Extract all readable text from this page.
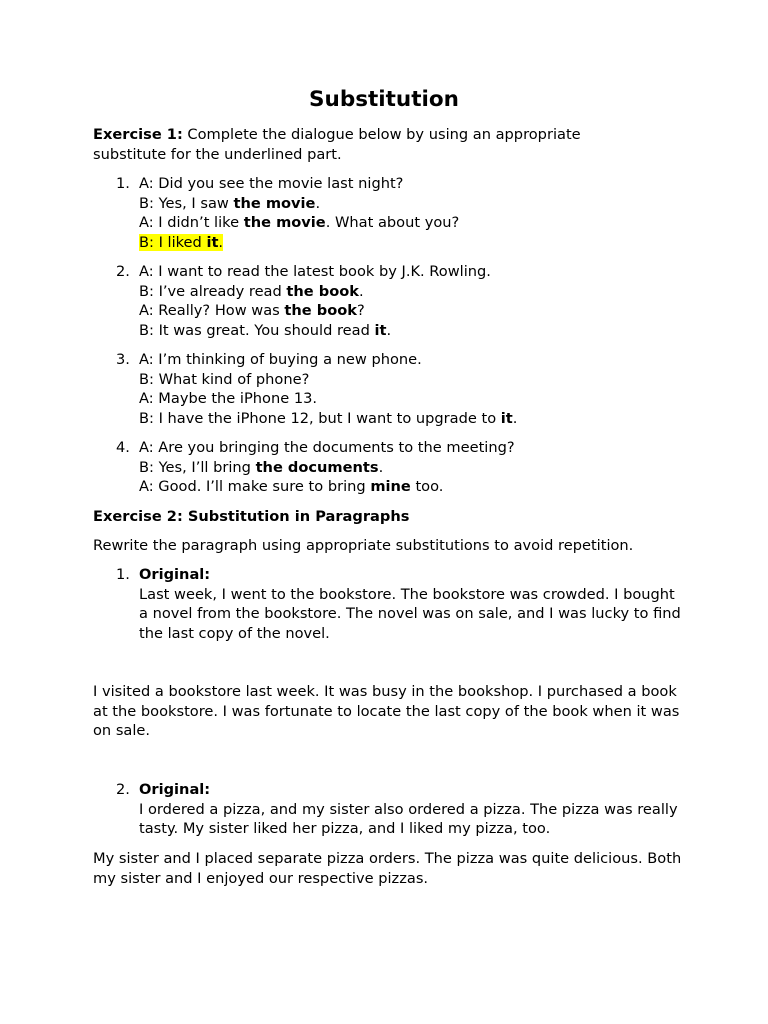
Substitution
Exercise 1: Complete the dialogue below by using an appropriate
substitute for the underlined part.
1. A: Did you see the movie last night?
B: Yes, I saw the movie.
A: I didn’t like the movie. What about you?
B: I liked it.
2. A: I want to read the latest book by J.K. Rowling.
B: I’ve already read the book.
A: Really? How was the book?
B: It was great. You should read it.
3. A: I’m thinking of buying a new phone.
B: What kind of phone?
A: Maybe the iPhone 13.
B: I have the iPhone 12, but I want to upgrade to it.
4. A: Are you bringing the documents to the meeting?
B: Yes, I’ll bring the documents.
A: Good. I’ll make sure to bring mine too.
Exercise 2: Substitution in Paragraphs
Rewrite the paragraph using appropriate substitutions to avoid repetition.
1. Original:
Last week, I went to the bookstore. The bookstore was crowded. I bought a novel from the bookstore. The novel was on sale, and I was lucky to find the last copy of the novel.
I visited a bookstore last week. It was busy in the bookshop. I purchased a book at the bookstore. I was fortunate to locate the last copy of the book when it was on sale.
2. Original:
I ordered a pizza, and my sister also ordered a pizza. The pizza was really tasty. My sister liked her pizza, and I liked my pizza, too.
My sister and I placed separate pizza orders. The pizza was quite delicious. Both my sister and I enjoyed our respective pizzas.
